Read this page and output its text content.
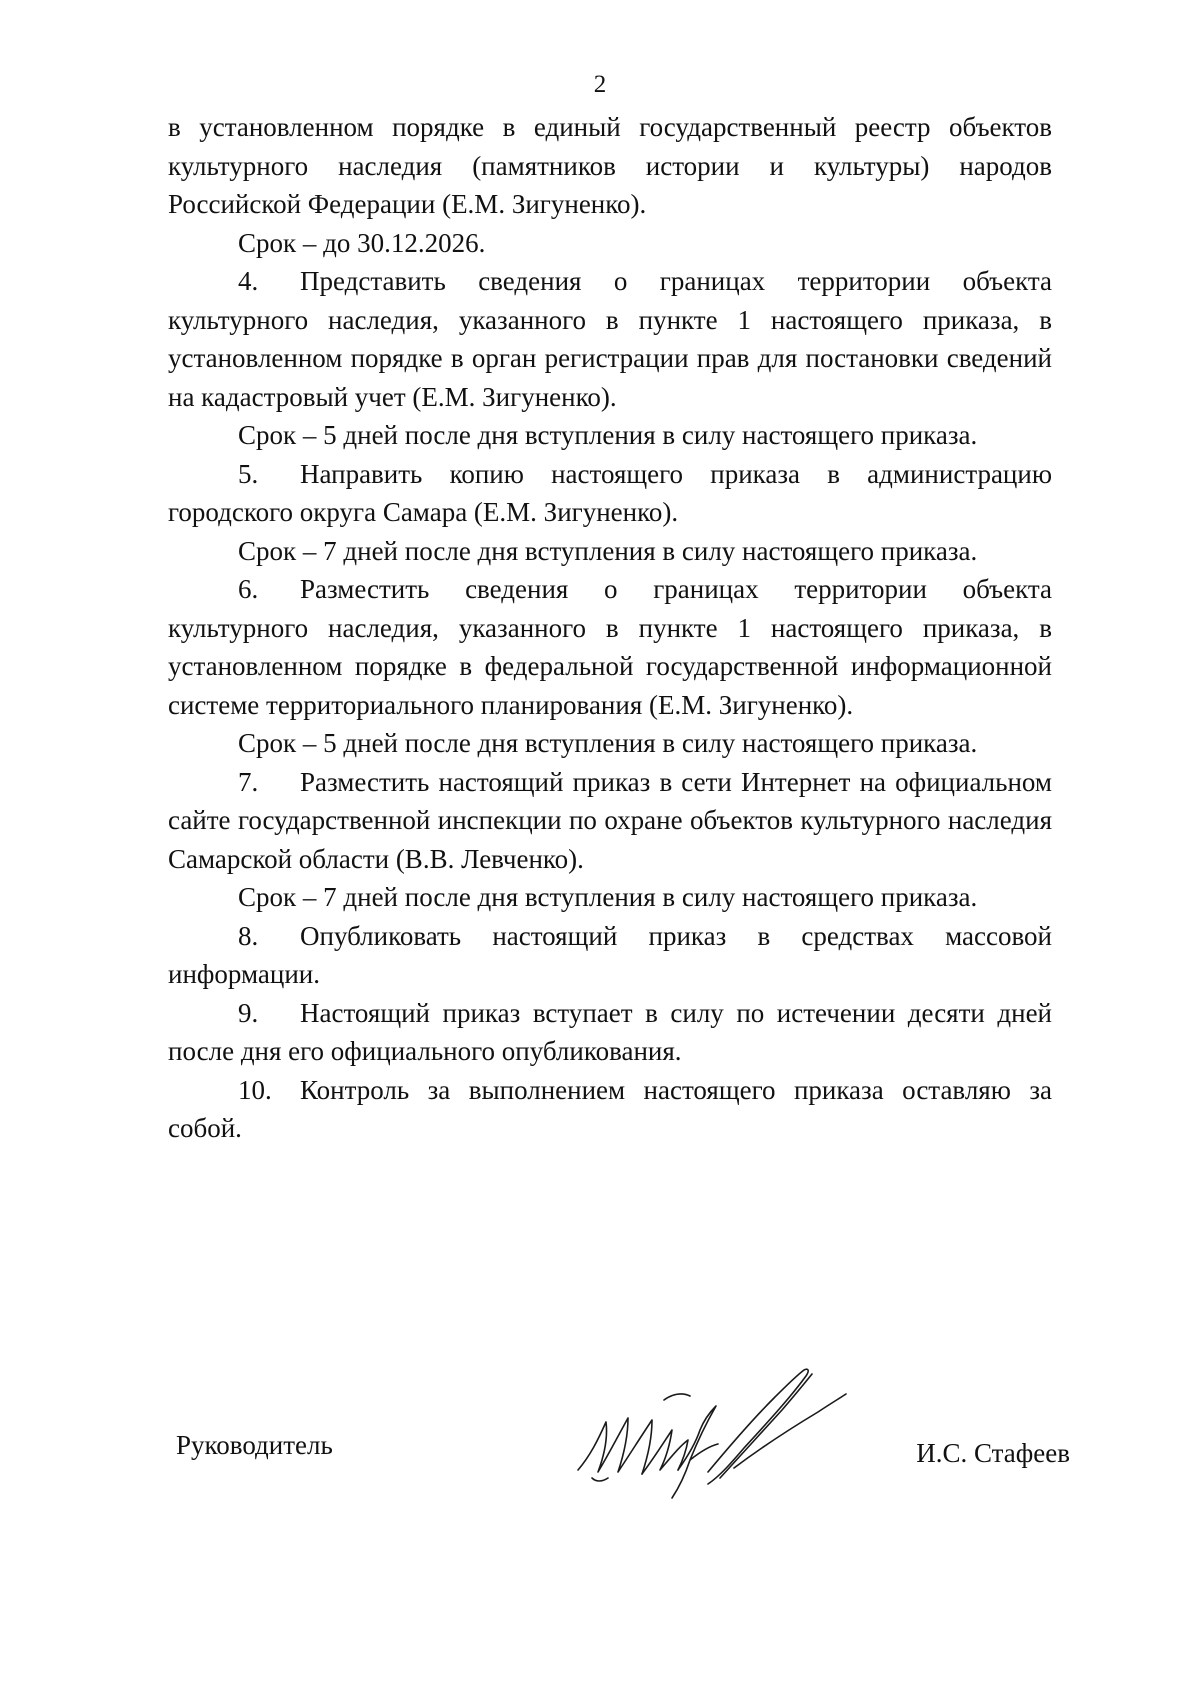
2

в установленном порядке в единый государственный реестр объектов культурного наследия (памятников истории и культуры) народов Российской Федерации (Е.М. Зигуненко).

Срок – до 30.12.2026.

4. Представить сведения о границах территории объекта культурного наследия, указанного в пункте 1 настоящего приказа, в установленном порядке в орган регистрации прав для постановки сведений на кадастровый учет (Е.М. Зигуненко).

Срок – 5 дней после дня вступления в силу настоящего приказа.

5. Направить копию настоящего приказа в администрацию городского округа Самара (Е.М. Зигуненко).

Срок – 7 дней после дня вступления в силу настоящего приказа.

6. Разместить сведения о границах территории объекта культурного наследия, указанного в пункте 1 настоящего приказа, в установленном порядке в федеральной государственной информационной системе территориального планирования (Е.М. Зигуненко).

Срок – 5 дней после дня вступления в силу настоящего приказа.

7. Разместить настоящий приказ в сети Интернет на официальном сайте государственной инспекции по охране объектов культурного наследия Самарской области (В.В. Левченко).

Срок – 7 дней после дня вступления в силу настоящего приказа.

8. Опубликовать настоящий приказ в средствах массовой информации.

9. Настоящий приказ вступает в силу по истечении десяти дней после дня его официального опубликования.

10. Контроль за выполнением настоящего приказа оставляю за собой.

Руководитель	И.С. Стафеев
